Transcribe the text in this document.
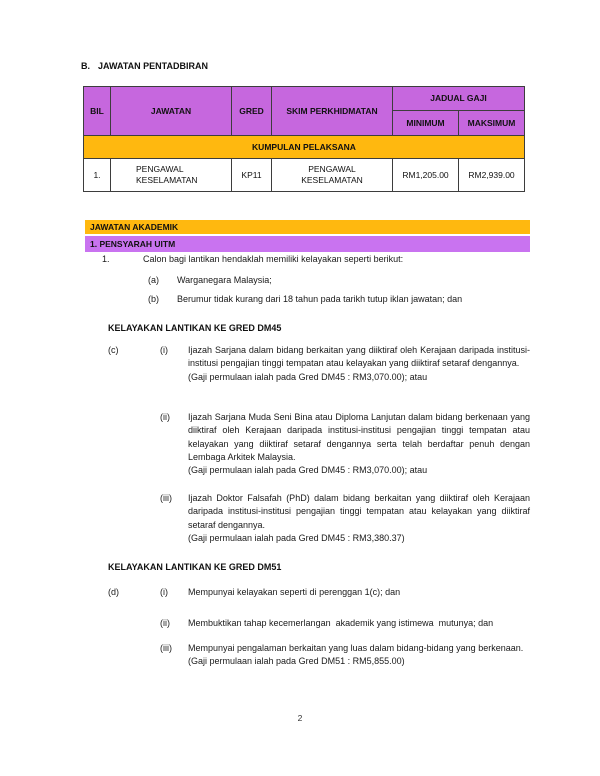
B. JAWATAN PENTADBIRAN
BIL	JAWATAN	GRED	SKIM PERKHIDMATAN	JADUAL GAJI	
				MINIMUM	MAKSIMUM
KUMPULAN PELAKSANA					
1.	PENGAWAL KESELAMATAN	KP11	PENGAWAL KESELAMATAN	RM1,205.00	RM2,939.00
JAWATAN AKADEMIK
1. PENSYARAH UITM
1.	Calon bagi lantikan hendaklah memiliki kelayakan seperti berikut:
(a) Warganegara Malaysia;
(b) Berumur tidak kurang dari 18 tahun pada tarikh tutup iklan jawatan; dan
KELAYAKAN LANTIKAN KE GRED DM45
(c)	(i) Ijazah Sarjana dalam bidang berkaitan yang diiktiraf oleh Kerajaan daripada institusi-institusi pengajian tinggi tempatan atau kelayakan yang diiktiraf setaraf dengannya.
(Gaji permulaan ialah pada Gred DM45 : RM3,070.00); atau
(ii) Ijazah Sarjana Muda Seni Bina atau Diploma Lanjutan dalam bidang berkenaan yang diiktiraf oleh Kerajaan daripada institusi-institusi pengajian tinggi tempatan atau kelayakan yang diiktiraf setaraf dengannya serta telah berdaftar penuh dengan Lembaga Arkitek Malaysia.
(Gaji permulaan ialah pada Gred DM45 : RM3,070.00); atau
(iii) Ijazah Doktor Falsafah (PhD) dalam bidang berkaitan yang diiktiraf oleh Kerajaan daripada institusi-institusi pengajian tinggi tempatan atau kelayakan yang diiktiraf setaraf dengannya.
(Gaji permulaan ialah pada Gred DM45 : RM3,380.37)
KELAYAKAN LANTIKAN KE GRED DM51
(d)	(i) Mempunyai kelayakan seperti di perenggan 1(c); dan
(ii) Membuktikan tahap kecemerlangan  akademik yang istimewa  mutunya; dan
(iii) Mempunyai pengalaman berkaitan yang luas dalam bidang-bidang yang berkenaan.
(Gaji permulaan ialah pada Gred DM51 : RM5,855.00)
2
